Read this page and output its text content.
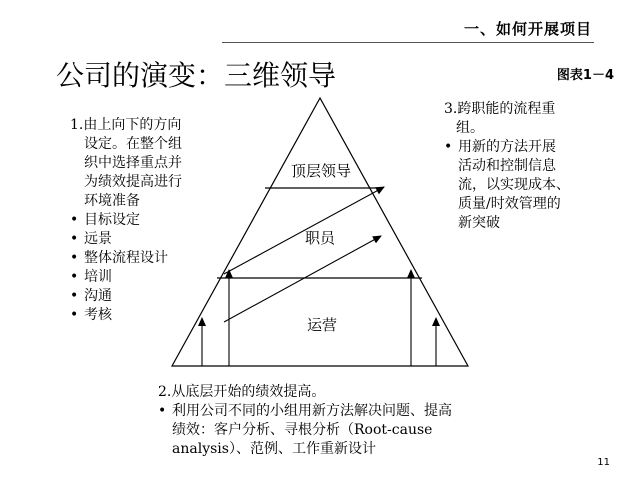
一、如何开展项目
公司的演变：三维领导	图表1－4
1.由上向下的方向
设定。在整个组
织中选择重点并
为绩效提高进行
环境准备
• 目标设定
• 远景
• 整体流程设计
• 培训
• 沟通
• 考核
3.跨职能的流程重
组。
• 用新的方法开展
活动和控制信息
流，以实现成本、
质量/时效管理的
新突破
顶层领导
职员
运营
2.从底层开始的绩效提高。
• 利用公司不同的小组用新方法解决问题、提高
绩效：客户分析、寻根分析（Root-cause
analysis）、范例、工作重新设计
11
